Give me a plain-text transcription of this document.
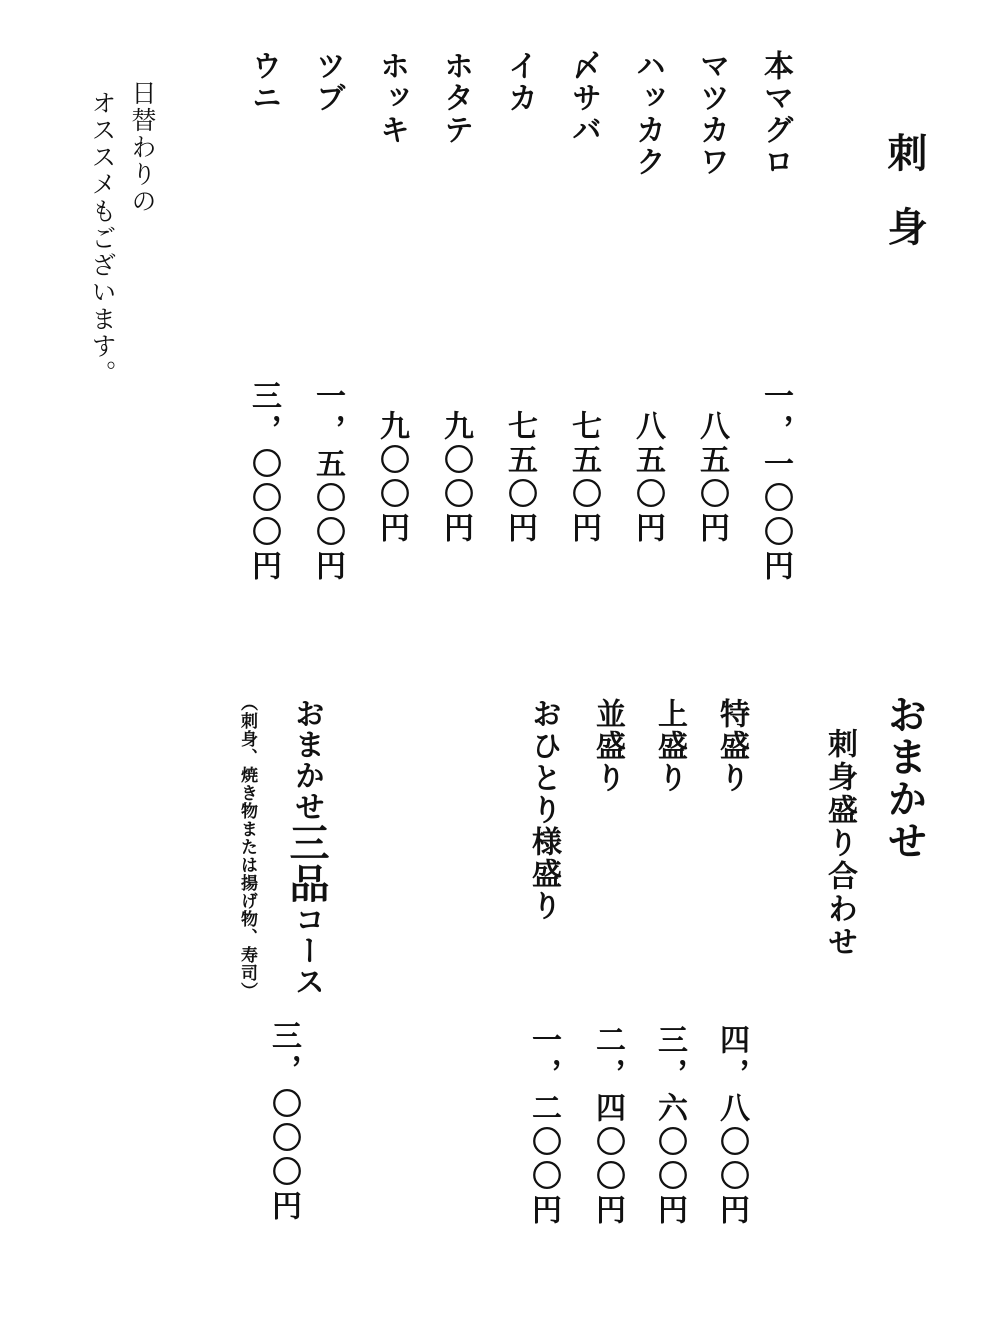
刺身
本マグロ
マツカワ
ハッカク
〆サバ
イカ
ホタテ
ホッキ
ツブ
ウニ
一，一〇〇円
八五〇円
八五〇円
七五〇円
七五〇円
九〇〇円
九〇〇円
一，五〇〇円
三，〇〇〇円
日替わりの
オススメもございます。
おまかせ
刺身盛り合わせ
特盛り
上盛り
並盛り
おひとり様盛り
四，八〇〇円
三，六〇〇円
二，四〇〇円
一，二〇〇円
おまかせ三品コース
（刺身、焼き物または揚げ物、寿司）
三，〇〇〇円
